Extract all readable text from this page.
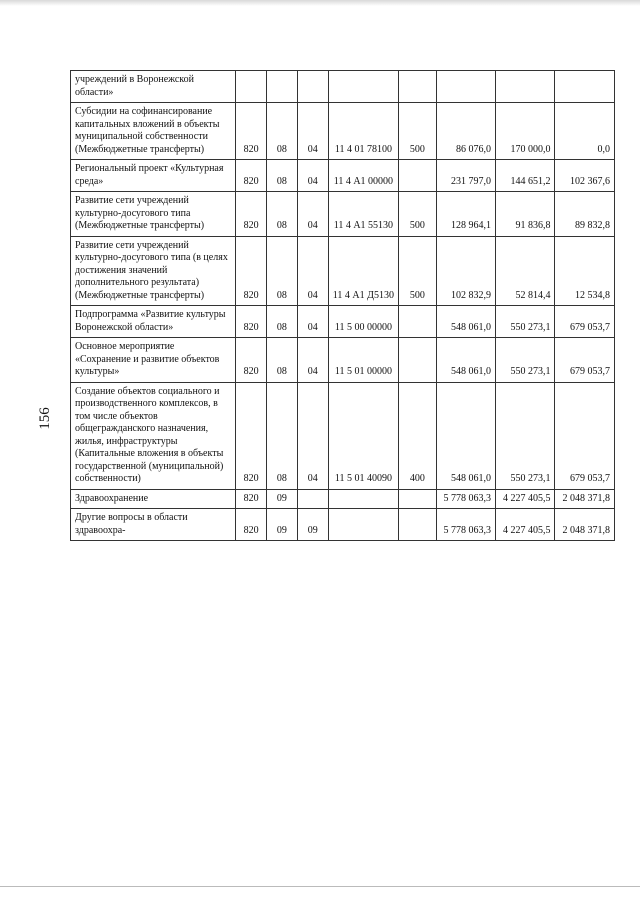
156
учреждений в Воронежской области»								
Субсидии на софинансирование капитальных вложений в объекты муниципальной собственности (Межбюджетные трансферты)	820	08	04	11 4 01 78100	500	86 076,0	170 000,0	0,0
Региональный проект «Культурная среда»	820	08	04	11 4 А1 00000		231 797,0	144 651,2	102 367,6
Развитие сети учреждений культурно-досугового типа (Межбюджетные трансферты)	820	08	04	11 4 А1 55130	500	128 964,1	91 836,8	89 832,8
Развитие сети учреждений культурно-досугового типа (в целях достижения значений дополнительного результата) (Межбюджетные трансферты)	820	08	04	11 4 А1 Д5130	500	102 832,9	52 814,4	12 534,8
Подпрограмма «Развитие культуры Воронежской области»	820	08	04	11 5 00 00000		548 061,0	550 273,1	679 053,7
Основное мероприятие «Сохранение и развитие объектов культуры»	820	08	04	11 5 01 00000		548 061,0	550 273,1	679 053,7
Создание объектов социального и производственного комплексов, в том числе объектов общегражданского назначения, жилья, инфраструктуры (Капитальные вложения в объекты государственной (муниципальной) собственности)	820	08	04	11 5 01 40090	400	548 061,0	550 273,1	679 053,7
Здравоохранение	820	09				5 778 063,3	4 227 405,5	2 048 371,8
Другие вопросы в области здравоохра-	820	09	09			5 778 063,3	4 227 405,5	2 048 371,8
